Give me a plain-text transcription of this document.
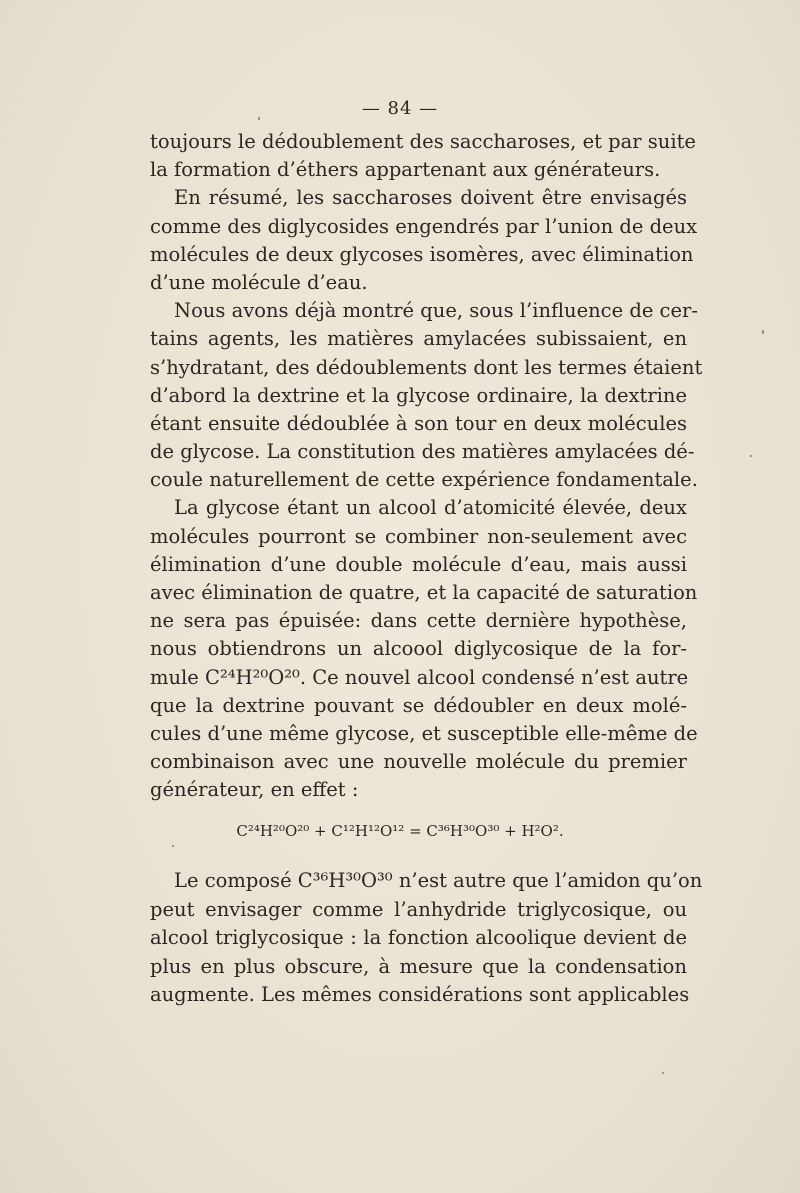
— 84 —
toujours le dédoublement des saccharoses, et par suite
la formation d’éthers appartenant aux générateurs.
En résumé, les saccharoses doivent être envisagés
comme des diglycosides engendrés par l’union de deux
molécules de deux glycoses isomères, avec élimination
d’une molécule d’eau.
Nous avons déjà montré que, sous l’influence de cer-
tains agents, les matières amylacées subissaient, en
s’hydratant, des dédoublements dont les termes étaient
d’abord la dextrine et la glycose ordinaire, la dextrine
étant ensuite dédoublée à son tour en deux molécules
de glycose. La constitution des matières amylacées dé-
coule naturellement de cette expérience fondamentale.
La glycose étant un alcool d’atomicité élevée, deux
molécules pourront se combiner non-seulement avec
élimination d’une double molécule d’eau, mais aussi
avec élimination de quatre, et la capacité de saturation
ne sera pas épuisée: dans cette dernière hypothèse,
nous obtiendrons un alcoool diglycosique de la for-
mule C²⁴H²⁰O²⁰. Ce nouvel alcool condensé n’est autre
que la dextrine pouvant se dédoubler en deux molé-
cules d’une même glycose, et susceptible elle-même de
combinaison avec une nouvelle molécule du premier
générateur, en effet :
C²⁴H²⁰O²⁰ + C¹²H¹²O¹² = C³⁶H³⁰O³⁰ + H²O².
Le composé C³⁶H³⁰O³⁰ n’est autre que l’amidon qu’on
peut envisager comme l’anhydride triglycosique, ou
alcool triglycosique : la fonction alcoolique devient de
plus en plus obscure, à mesure que la condensation
augmente. Les mêmes considérations sont applicables
